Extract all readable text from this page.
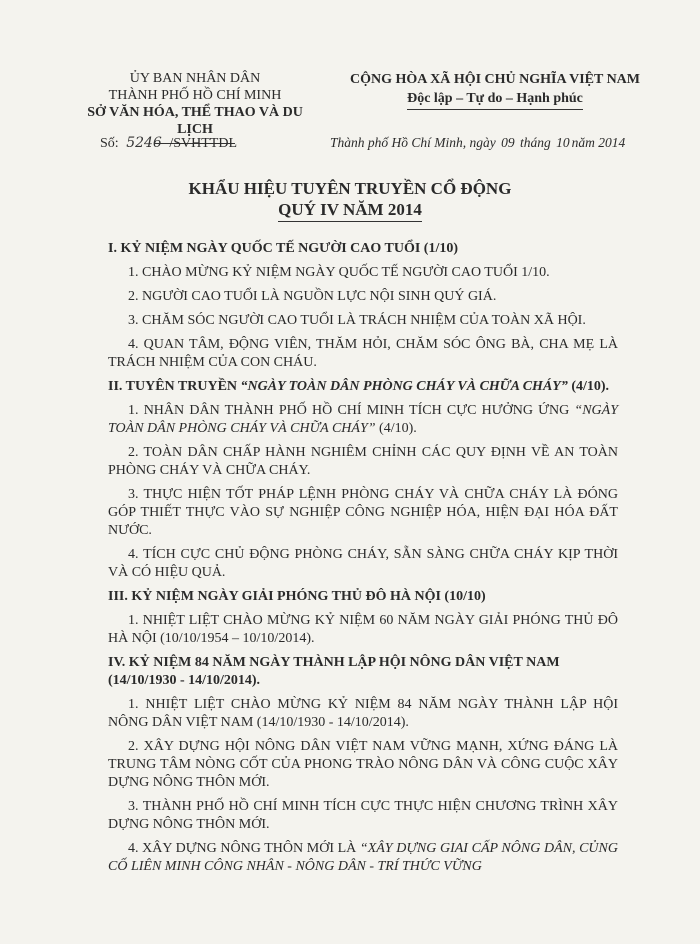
ỦY BAN NHÂN DÂN
THÀNH PHỐ HỒ CHÍ MINH
SỞ VĂN HÓA, THỂ THAO VÀ DU LỊCH
CỘNG HÒA XÃ HỘI CHỦ NGHĨA VIỆT NAM
Độc lập – Tự do – Hạnh phúc
Số: 5246 /SVHTTDL	Thành phố Hồ Chí Minh, ngày 09 tháng 10 năm 2014
KHẨU HIỆU TUYÊN TRUYỀN CỔ ĐỘNG
QUÝ IV NĂM 2014

I. KỶ NIỆM NGÀY QUỐC TẾ NGƯỜI CAO TUỔI (1/10)

1. CHÀO MỪNG KỶ NIỆM NGÀY QUỐC TẾ NGƯỜI CAO TUỔI 1/10.

2. NGƯỜI CAO TUỔI LÀ NGUỒN LỰC NỘI SINH QUÝ GIÁ.

3. CHĂM SÓC NGƯỜI CAO TUỔI LÀ TRÁCH NHIỆM CỦA TOÀN XÃ HỘI.

4. QUAN TÂM, ĐỘNG VIÊN, THĂM HỎI, CHĂM SÓC ÔNG BÀ, CHA MẸ LÀ TRÁCH NHIỆM CỦA CON CHÁU.

II. TUYÊN TRUYỀN “NGÀY TOÀN DÂN PHÒNG CHÁY VÀ CHỮA CHÁY” (4/10).

1. NHÂN DÂN THÀNH PHỐ HỒ CHÍ MINH TÍCH CỰC HƯỞNG ỨNG “NGÀY TOÀN DÂN PHÒNG CHÁY VÀ CHỮA CHÁY” (4/10).

2. TOÀN DÂN CHẤP HÀNH NGHIÊM CHỈNH CÁC QUY ĐỊNH VỀ AN TOÀN PHÒNG CHÁY VÀ CHỮA CHÁY.

3. THỰC HIỆN TỐT PHÁP LỆNH PHÒNG CHÁY VÀ CHỮA CHÁY LÀ ĐÓNG GÓP THIẾT THỰC VÀO SỰ NGHIỆP CÔNG NGHIỆP HÓA, HIỆN ĐẠI HÓA ĐẤT NƯỚC.

4. TÍCH CỰC CHỦ ĐỘNG PHÒNG CHÁY, SẴN SÀNG CHỮA CHÁY KỊP THỜI VÀ CÓ HIỆU QUẢ.

III. KỶ NIỆM NGÀY GIẢI PHÓNG THỦ ĐÔ HÀ NỘI (10/10)

1. NHIỆT LIỆT CHÀO MỪNG KỶ NIỆM 60 NĂM NGÀY GIẢI PHÓNG THỦ ĐÔ HÀ NỘI (10/10/1954 – 10/10/2014).

IV. KỶ NIỆM 84 NĂM NGÀY THÀNH LẬP HỘI NÔNG DÂN VIỆT NAM (14/10/1930 - 14/10/2014).

1. NHIỆT LIỆT CHÀO MỪNG KỶ NIỆM 84 NĂM NGÀY THÀNH LẬP HỘI NÔNG DÂN VIỆT NAM (14/10/1930 - 14/10/2014).

2. XÂY DỰNG HỘI NÔNG DÂN VIỆT NAM VỮNG MẠNH, XỨNG ĐÁNG LÀ TRUNG TÂM NÒNG CỐT CỦA PHONG TRÀO NÔNG DÂN VÀ CÔNG CUỘC XÂY DỰNG NÔNG THÔN MỚI.

3. THÀNH PHỐ HỒ CHÍ MINH TÍCH CỰC THỰC HIỆN CHƯƠNG TRÌNH XÂY DỰNG NÔNG THÔN MỚI.

4. XÂY DỰNG NÔNG THÔN MỚI LÀ “XÂY DỰNG GIAI CẤP NÔNG DÂN, CỦNG CỐ LIÊN MINH CÔNG NHÂN - NÔNG DÂN - TRÍ THỨC VỮNG
